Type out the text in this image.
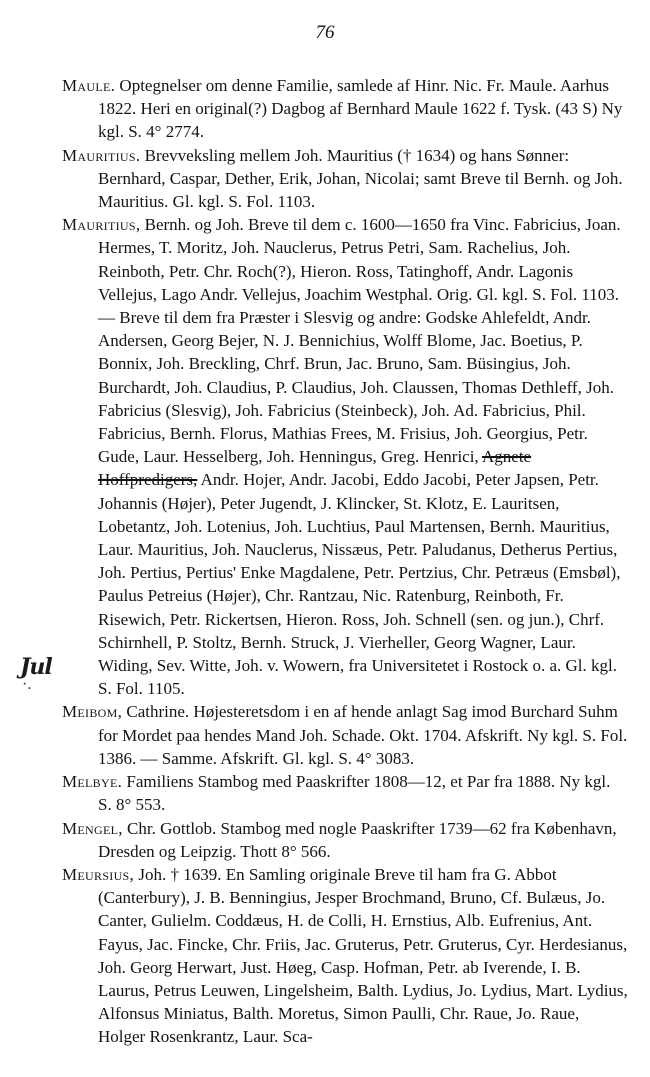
76
Jul
·.

Maule. Optegnelser om denne Familie, samlede af Hinr. Nic. Fr. Maule. Aarhus 1822. Heri en original(?) Dagbog af Bernhard Maule 1622 f. Tysk. (43 S) Ny kgl. S. 4° 2774.

Mauritius. Brevveksling mellem Joh. Mauritius († 1634) og hans Sønner: Bernhard, Caspar, Dether, Erik, Johan, Nicolai; samt Breve til Bernh. og Joh. Mauritius. Gl. kgl. S. Fol. 1103.

Mauritius, Bernh. og Joh. Breve til dem c. 1600—1650 fra Vinc. Fabricius, Joan. Hermes, T. Moritz, Joh. Nauclerus, Petrus Petri, Sam. Rachelius, Joh. Reinboth, Petr. Chr. Roch(?), Hieron. Ross, Tatinghoff, Andr. Lagonis Vellejus, Lago Andr. Vellejus, Joachim Westphal. Orig. Gl. kgl. S. Fol. 1103. — Breve til dem fra Præster i Slesvig og andre: Godske Ahlefeldt, Andr. Andersen, Georg Bejer, N. J. Bennichius, Wolff Blome, Jac. Boetius, P. Bonnix, Joh. Breckling, Chrf. Brun, Jac. Bruno, Sam. Büsingius, Joh. Burchardt, Joh. Claudius, P. Claudius, Joh. Claussen, Thomas Dethleff, Joh. Fabricius (Slesvig), Joh. Fabricius (Steinbeck), Joh. Ad. Fabricius, Phil. Fabricius, Bernh. Florus, Mathias Frees, M. Frisius, Joh. Georgius, Petr. Gude, Laur. Hesselberg, Joh. Henningus, Greg. Henrici, Agnete Hoffpredigers, Andr. Hojer, Andr. Jacobi, Eddo Jacobi, Peter Japsen, Petr. Johannis (Højer), Peter Jugendt, J. Klincker, St. Klotz, E. Lauritsen, Lobetantz, Joh. Lotenius, Joh. Luchtius, Paul Martensen, Bernh. Mauritius, Laur. Mauritius, Joh. Nauclerus, Nissæus, Petr. Paludanus, Detherus Pertius, Joh. Pertius, Pertius' Enke Magdalene, Petr. Pertzius, Chr. Petræus (Emsbøl), Paulus Petreius (Højer), Chr. Rantzau, Nic. Ratenburg, Reinboth, Fr. Risewich, Petr. Rickertsen, Hieron. Ross, Joh. Schnell (sen. og jun.), Chrf. Schirnhell, P. Stoltz, Bernh. Struck, J. Vierheller, Georg Wagner, Laur. Widing, Sev. Witte, Joh. v. Wowern, fra Universitetet i Rostock o. a. Gl. kgl. S. Fol. 1105.

Meibom, Cathrine. Højesteretsdom i en af hende anlagt Sag imod Burchard Suhm for Mordet paa hendes Mand Joh. Schade. Okt. 1704. Afskrift. Ny kgl. S. Fol. 1386. — Samme. Afskrift. Gl. kgl. S. 4° 3083.

Melbye. Familiens Stambog med Paaskrifter 1808—12, et Par fra 1888. Ny kgl. S. 8° 553.

Mengel, Chr. Gottlob. Stambog med nogle Paaskrifter 1739—62 fra København, Dresden og Leipzig. Thott 8° 566.

Meursius, Joh. † 1639. En Samling originale Breve til ham fra G. Abbot (Canterbury), J. B. Benningius, Jesper Brochmand, Bruno, Cf. Bulæus, Jo. Canter, Gulielm. Coddæus, H. de Colli, H. Ernstius, Alb. Eufrenius, Ant. Fayus, Jac. Fincke, Chr. Friis, Jac. Gruterus, Petr. Gruterus, Cyr. Herdesianus, Joh. Georg Herwart, Just. Høeg, Casp. Hofman, Petr. ab Iverende, I. B. Laurus, Petrus Leuwen, Lingelsheim, Balth. Lydius, Jo. Lydius, Mart. Lydius, Alfonsus Miniatus, Balth. Moretus, Simon Paulli, Chr. Raue, Jo. Raue, Holger Rosenkrantz, Laur. Sca-
